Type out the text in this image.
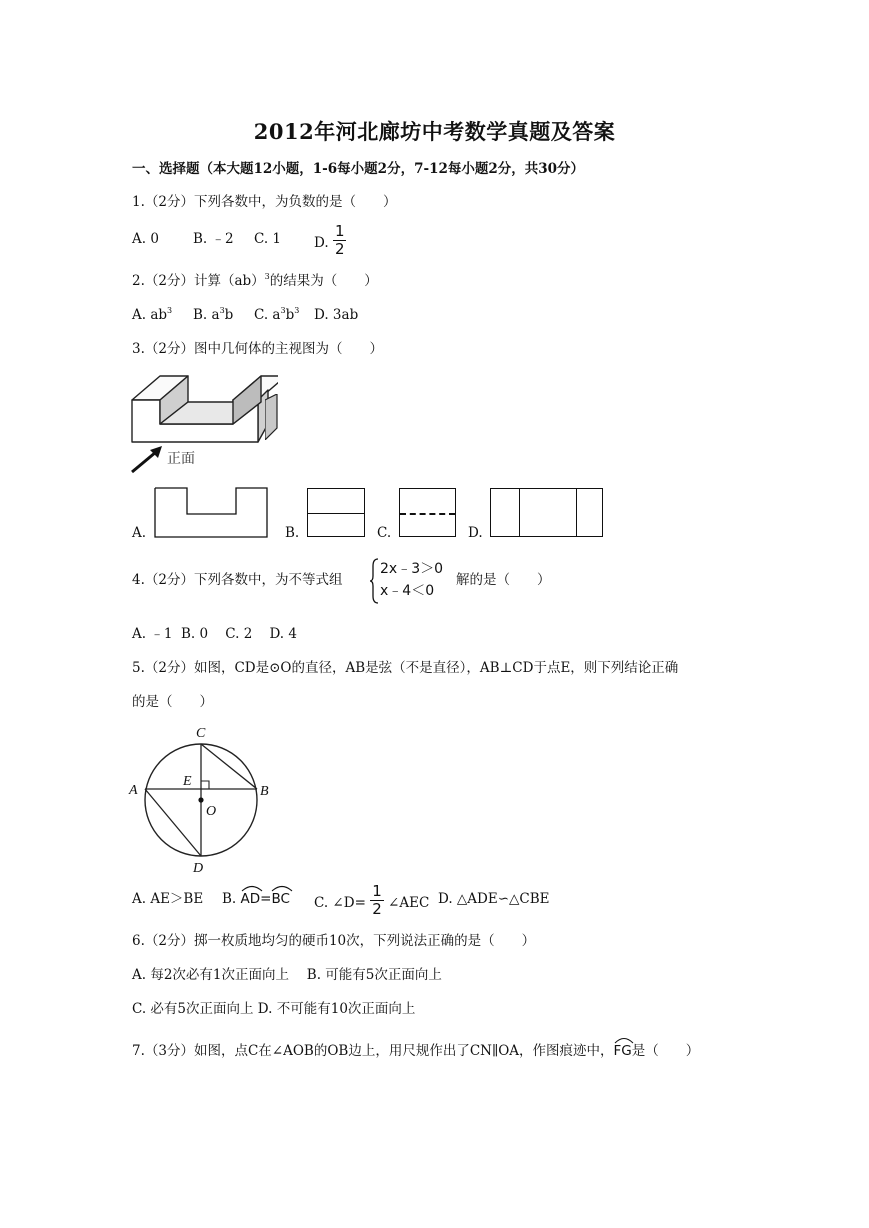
2012年河北廊坊中考数学真题及答案
一、选择题（本大题12小题，1-6每小题2分，7-12每小题2分，共30分）
1.（2分）下列各数中，为负数的是（　　）
A. 0	B. ﹣2 C. 1 D. $\frac{1}{2}$
2.（2分）计算（ab）$^3$的结果为（　　）
A. $ab^3$ B. $a^3b$ C. $a^3b^3$ D. 3ab
3.（2分）图中几何体的主视图为（　　）
正面
A.	B.	C.	D.
4.（2分）下列各数中，为不等式组
2x﹣3＞0
x﹣4＜0
解的是（　　）
A. ﹣1  B. 0    C. 2    D. 4
5.（2分）如图，CD是⊙O的直径，AB是弦（不是直径），AB⊥CD于点E，则下列结论正确
的是（　　）
C
A	B
D
E
O
A. AE＞BE B. AD=
BC C. ∠D= $\frac{1}{2}$ ∠AEC D. △ADE∽△CBE
6.（2分）掷一枚质地均匀的硬币10次，下列说法正确的是（　　）
A. 每2次必有1次正面向上　 B. 可能有5次正面向上
C. 必有5次正面向上 D. 不可能有10次正面向上
7.（3分）如图，点C在∠AOB的OB边上，用尺规作出了CN∥OA，作图痕迹中，
FG是（　　）
